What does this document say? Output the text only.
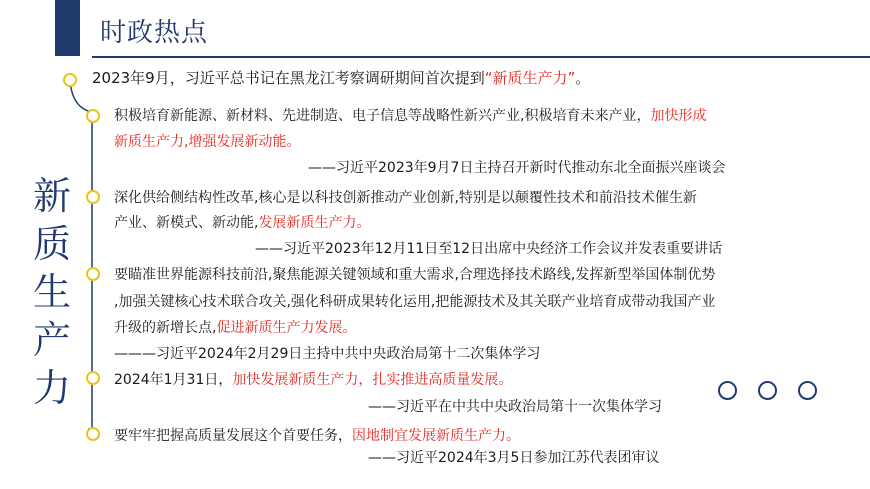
时政热点
新
质
生
产
力
2023年9月，习近平总书记在黑龙江考察调研期间首次提到“新质生产力”。
积极培育新能源、新材料、先进制造、电子信息等战略性新兴产业,积极培育未来产业，加快形成
新质生产力,增强发展新动能。
——习近平2023年9月7日主持召开新时代推动东北全面振兴座谈会
深化供给侧结构性改革,核心是以科技创新推动产业创新,特别是以颠覆性技术和前沿技术催生新
产业、新模式、新动能,发展新质生产力。
——习近平2023年12月11日至12日出席中央经济工作会议并发表重要讲话
要瞄准世界能源科技前沿,聚焦能源关键领域和重大需求,合理选择技术路线,发挥新型举国体制优势
,加强关键核心技术联合攻关,强化科研成果转化运用,把能源技术及其关联产业培育成带动我国产业
升级的新增长点,促进新质生产力发展。
———习近平2024年2月29日主持中共中央政治局第十二次集体学习
2024年1月31日，加快发展新质生产力，扎实推进高质量发展。
——习近平在中共中央政治局第十一次集体学习
要牢牢把握高质量发展这个首要任务，因地制宜发展新质生产力。
——习近平2024年3月5日参加江苏代表团审议
